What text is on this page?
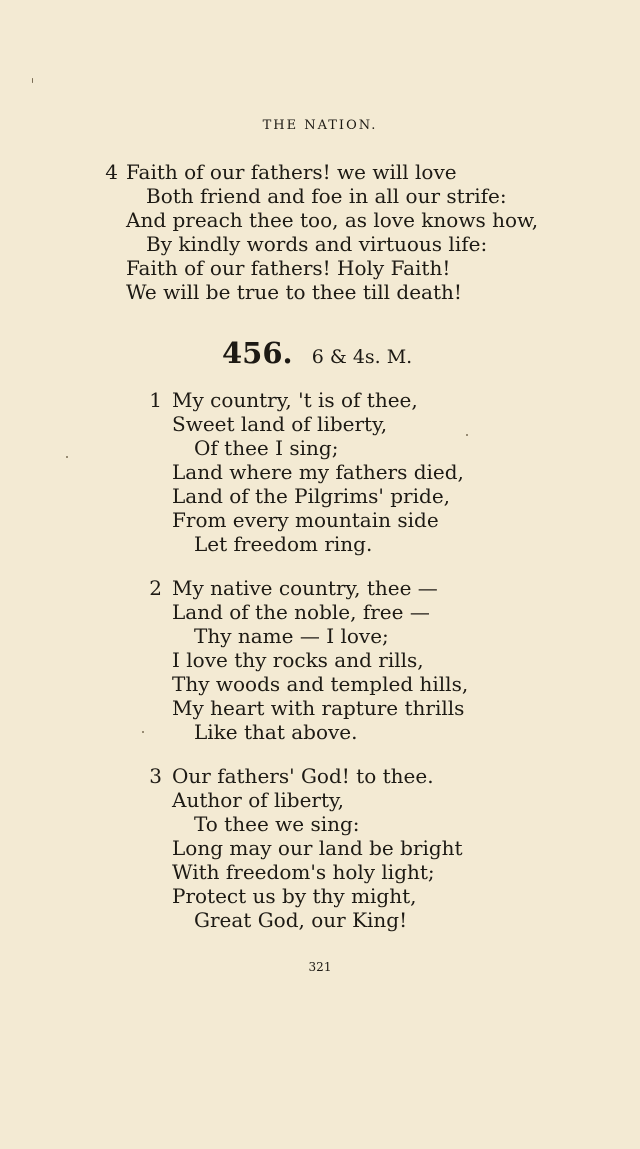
THE NATION.
4 Faith of our fathers! we will love
Both friend and foe in all our strife:
And preach thee too, as love knows how,
By kindly words and virtuous life:
Faith of our fathers! Holy Faith!
We will be true to thee till death!
456. 6 & 4s. M.
1 My country, 't is of thee,
Sweet land of liberty,
Of thee I sing;
Land where my fathers died,
Land of the Pilgrims' pride,
From every mountain side
Let freedom ring.
2 My native country, thee —
Land of the noble, free —
Thy name — I love;
I love thy rocks and rills,
Thy woods and templed hills,
My heart with rapture thrills
Like that above.
3 Our fathers' God! to thee.
Author of liberty,
To thee we sing:
Long may our land be bright
With freedom's holy light;
Protect us by thy might,
Great God, our King!
321
